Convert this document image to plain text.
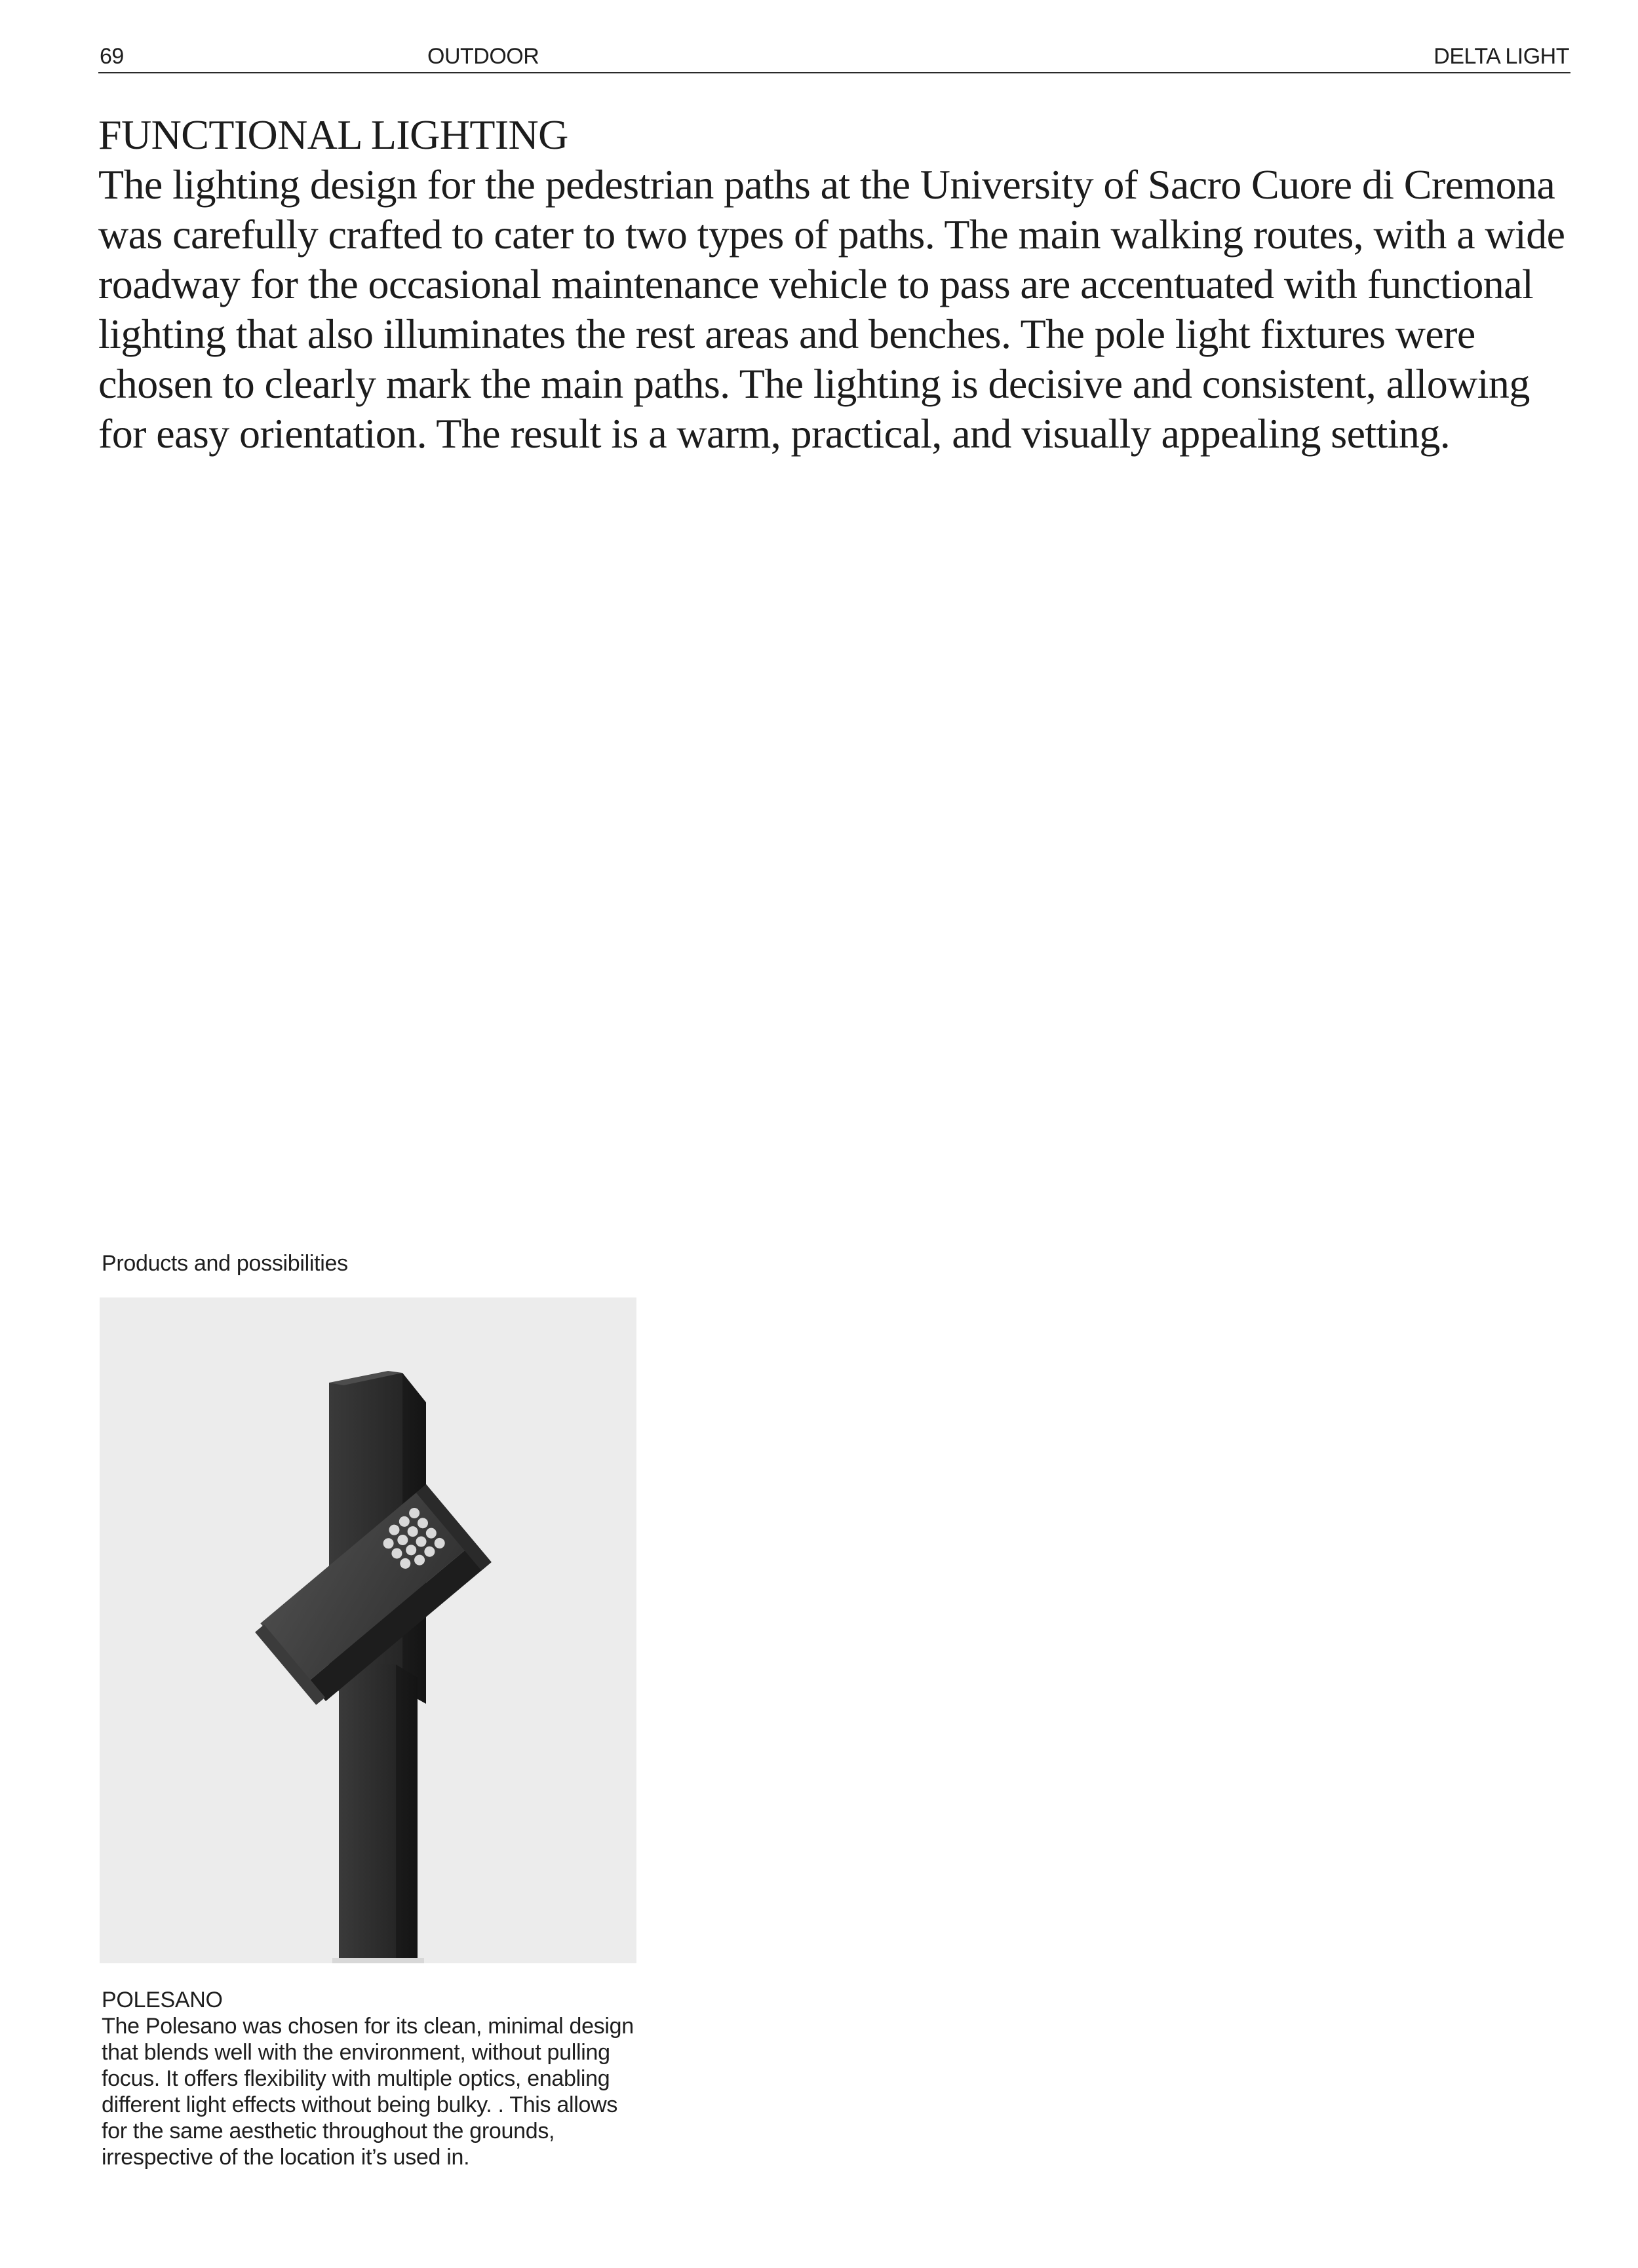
69	OUTDOOR	DELTA LIGHT
FUNCTIONAL LIGHTING

The lighting design for the pedestrian paths at the University of Sacro Cuore di Cremona was carefully crafted to cater to two types of paths. The main walking routes, with a wide roadway for the occasional maintenance vehicle to pass are accentuated with functional lighting that also illuminates the rest areas and benches. The pole light fixtures were chosen to clearly mark the main paths. The lighting is decisive and consistent, allowing for easy orientation. The result is a warm, practical, and visually appealing setting.

Products and possibilities

POLESANO

The Polesano was chosen for its clean, minimal design that blends well with the environment, without pulling focus. It offers flexibility with multiple optics, enabling different light effects without being bulky. . This allows for the same aesthetic throughout the grounds, irrespective of the location it’s used in.
